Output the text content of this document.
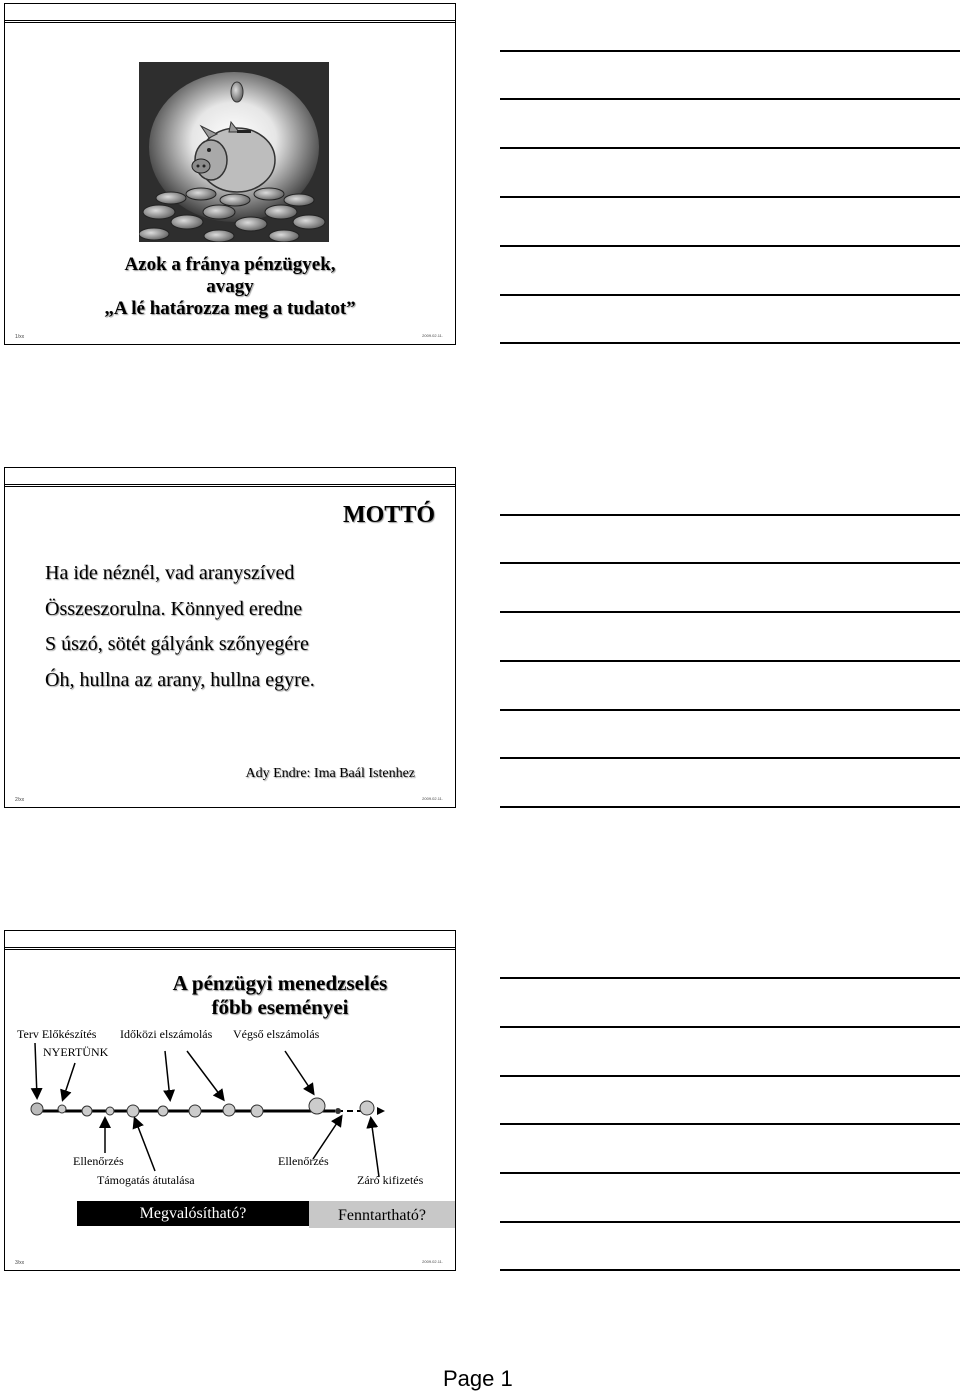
Azok a fránya pénzügyek,
avagy
„A lé határozza meg a tudatot”
1/xx	2009.02.11.
MOTTÓ
Ha ide néznél, vad aranyszíved
Összeszorulna. Könnyed eredne
S úszó, sötét gályánk szőnyegére
Óh, hullna az arany, hullna egyre.
Ady Endre: Ima Baál Istenhez
2/xx	2009.02.11.
A pénzügyi menedzselés
főbb eseményei
Terv Előkészítés
NYERTÜNK
Időközi elszámolás Végső elszámolás
Ellenőrzés
Támogatás átutalása
Ellenőrzés
Záró kifizetés
Megvalósítható?	Fenntartható?
3/xx	2009.02.11.
Page 1
